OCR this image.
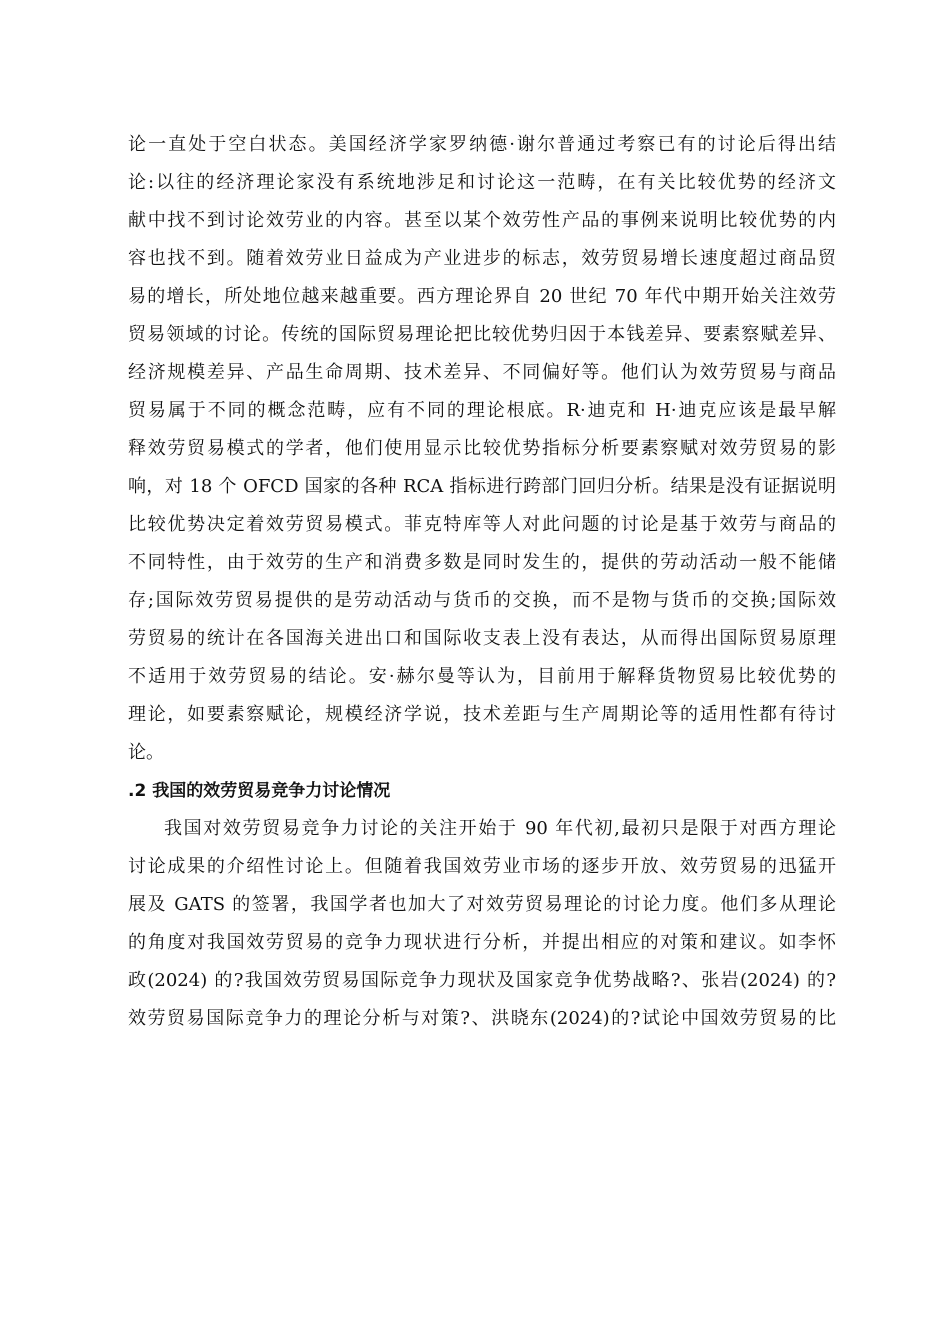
论一直处于空白状态。美国经济学家罗纳德·谢尔普通过考察已有的讨论后得出结
论:以往的经济理论家没有系统地涉足和讨论这一范畴，在有关比较优势的经济文
献中找不到讨论效劳业的内容。甚至以某个效劳性产品的事例来说明比较优势的内
容也找不到。随着效劳业日益成为产业进步的标志，效劳贸易增长速度超过商品贸
易的增长，所处地位越来越重要。西方理论界自 20 世纪 70 年代中期开始关注效劳
贸易领域的讨论。传统的国际贸易理论把比较优势归因于本钱差异、要素察赋差异、
经济规模差异、产品生命周期、技术差异、不同偏好等。他们认为效劳贸易与商品
贸易属于不同的概念范畴，应有不同的理论根底。R·迪克和 H·迪克应该是最早解
释效劳贸易模式的学者，他们使用显示比较优势指标分析要素察赋对效劳贸易的影
响，对 18 个 OFCD 国家的各种 RCA 指标进行跨部门回归分析。结果是没有证据说明
比较优势决定着效劳贸易模式。菲克特库等人对此问题的讨论是基于效劳与商品的
不同特性，由于效劳的生产和消费多数是同时发生的，提供的劳动活动一般不能储
存;国际效劳贸易提供的是劳动活动与货币的交换，而不是物与货币的交换;国际效
劳贸易的统计在各国海关进出口和国际收支表上没有表达，从而得出国际贸易原理
不适用于效劳贸易的结论。安·赫尔曼等认为，目前用于解释货物贸易比较优势的
理论，如要素察赋论，规模经济学说，技术差距与生产周期论等的适用性都有待讨
论。
.2 我国的效劳贸易竞争力讨论情况
我国对效劳贸易竞争力讨论的关注开始于 90 年代初,最初只是限于对西方理论
讨论成果的介绍性讨论上。但随着我国效劳业市场的逐步开放、效劳贸易的迅猛开
展及 GATS 的签署，我国学者也加大了对效劳贸易理论的讨论力度。他们多从理论
的角度对我国效劳贸易的竞争力现状进行分析，并提出相应的对策和建议。如李怀
政(2024) 的?我国效劳贸易国际竞争力现状及国家竞争优势战略?、张岩(2024) 的?
效劳贸易国际竞争力的理论分析与对策?、洪晓东(2024)的?试论中国效劳贸易的比
